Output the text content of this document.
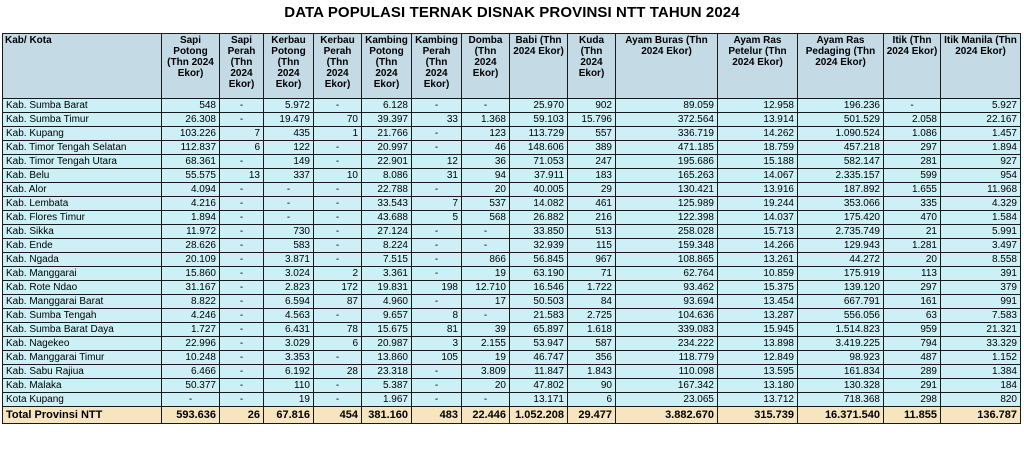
DATA POPULASI TERNAK DISNAK PROVINSI NTT TAHUN 2024
Kab/ Kota	Sapi Potong (Thn 2024 Ekor)	Sapi Perah (Thn 2024 Ekor)	Kerbau Potong (Thn 2024 Ekor)	Kerbau Perah (Thn 2024 Ekor)	Kambing Potong (Thn 2024 Ekor)	Kambing Perah (Thn 2024 Ekor)	Domba (Thn 2024 Ekor)	Babi (Thn 2024 Ekor)	Kuda (Thn 2024 Ekor)	Ayam Buras (Thn 2024 Ekor)	Ayam Ras Petelur (Thn 2024 Ekor)	Ayam Ras Pedaging (Thn 2024 Ekor)	Itik (Thn 2024 Ekor)	Itik Manila (Thn 2024 Ekor)
Kab. Sumba Barat	548	-	5.972	-	6.128	-	-	25.970	902	89.059	12.958	196.236	-	5.927
Kab. Sumba Timur	26.308	-	19.479	70	39.397	33	1.368	59.103	15.796	372.564	13.914	501.529	2.058	22.167
Kab. Kupang	103.226	7	435	1	21.766	-	123	113.729	557	336.719	14.262	1.090.524	1.086	1.457
Kab. Timor Tengah Selatan	112.837	6	122	-	20.997	-	46	148.606	389	471.185	18.759	457.218	297	1.894
Kab. Timor Tengah Utara	68.361	-	149	-	22.901	12	36	71.053	247	195.686	15.188	582.147	281	927
Kab. Belu	55.575	13	337	10	8.086	31	94	37.911	183	165.263	14.067	2.335.157	599	954
Kab. Alor	4.094	-	-	-	22.788	-	20	40.005	29	130.421	13.916	187.892	1.655	11.968
Kab. Lembata	4.216	-	-	-	33.543	7	537	14.082	461	125.989	19.244	353.066	335	4.329
Kab. Flores Timur	1.894	-	-	-	43.688	5	568	26.882	216	122.398	14.037	175.420	470	1.584
Kab. Sikka	11.972	-	730	-	27.124	-	-	33.850	513	258.028	15.713	2.735.749	21	5.991
Kab. Ende	28.626	-	583	-	8.224	-	-	32.939	115	159.348	14.266	129.943	1.281	3.497
Kab. Ngada	20.109	-	3.871	-	7.515	-	866	56.845	967	108.865	13.261	44.272	20	8.558
Kab. Manggarai	15.860	-	3.024	2	3.361	-	19	63.190	71	62.764	10.859	175.919	113	391
Kab. Rote Ndao	31.167	-	2.823	172	19.831	198	12.710	16.546	1.722	93.462	15.375	139.120	297	379
Kab. Manggarai Barat	8.822	-	6.594	87	4.960	-	17	50.503	84	93.694	13.454	667.791	161	991
Kab. Sumba Tengah	4.246	-	4.563	-	9.657	8	-	21.583	2.725	104.636	13.287	556.056	63	7.583
Kab. Sumba Barat Daya	1.727	-	6.431	78	15.675	81	39	65.897	1.618	339.083	15.945	1.514.823	959	21.321
Kab. Nagekeo	22.996	-	3.029	6	20.987	3	2.155	53.947	587	234.222	13.898	3.419.225	794	33.329
Kab. Manggarai Timur	10.248	-	3.353	-	13.860	105	19	46.747	356	118.779	12.849	98.923	487	1.152
Kab. Sabu Rajiua	6.466	-	6.192	28	23.318	-	3.809	11.847	1.843	110.098	13.595	161.834	289	1.384
Kab. Malaka	50.377	-	110	-	5.387	-	20	47.802	90	167.342	13.180	130.328	291	184
Kota Kupang	-	-	19	-	1.967	-	-	13.171	6	23.065	13.712	718.368	298	820
Total Provinsi NTT	593.636	26	67.816	454	381.160	483	22.446	1.052.208	29.477	3.882.670	315.739	16.371.540	11.855	136.787
